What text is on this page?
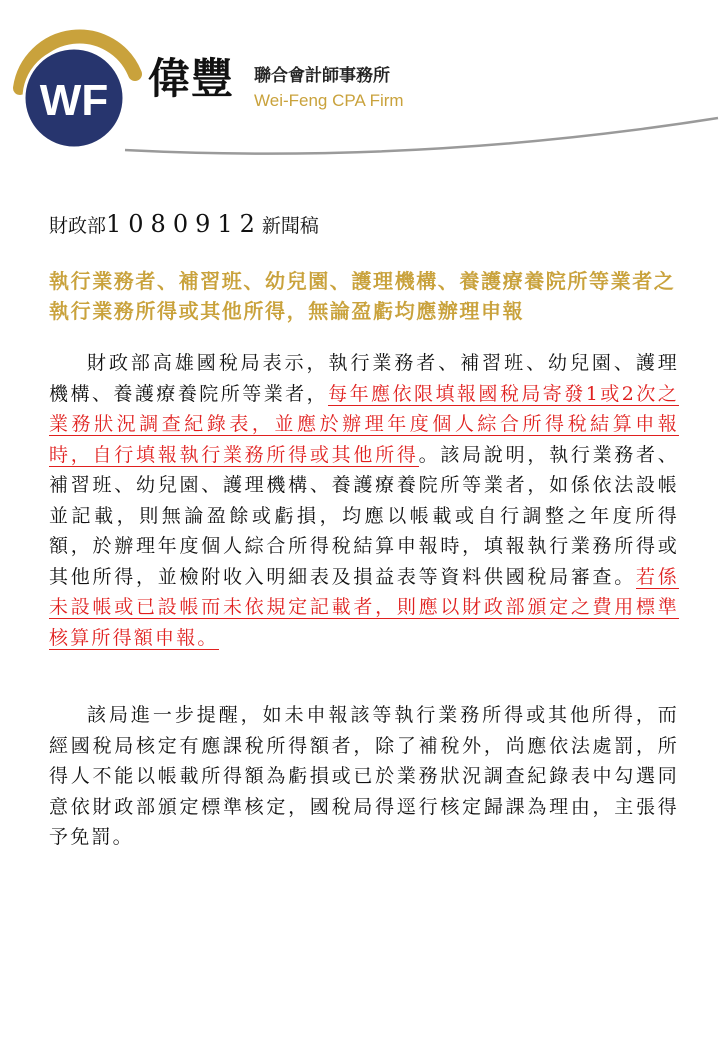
WF 偉豐 聯合會計師事務所
Wei-Feng CPA Firm
財政部1080912新聞稿
執行業務者、補習班、幼兒園、護理機構、養護療養院所等業者之執行業務所得或其他所得，無論盈虧均應辦理申報

財政部高雄國稅局表示，執行業務者、補習班、幼兒園、護理機構、養護療養院所等業者，每年應依限填報國稅局寄發1或2次之業務狀況調查紀錄表，並應於辦理年度個人綜合所得稅結算申報時，自行填報執行業務所得或其他所得。該局說明，執行業務者、補習班、幼兒園、護理機構、養護療養院所等業者，如係依法設帳並記載，則無論盈餘或虧損，均應以帳載或自行調整之年度所得額，於辦理年度個人綜合所得稅結算申報時，填報執行業務所得或其他所得，並檢附收入明細表及損益表等資料供國稅局審查。若係未設帳或已設帳而未依規定記載者，則應以財政部頒定之費用標準核算所得額申報。

該局進一步提醒，如未申報該等執行業務所得或其他所得，而經國稅局核定有應課稅所得額者，除了補稅外，尚應依法處罰，所得人不能以帳載所得額為虧損或已於業務狀況調查紀錄表中勾選同意依財政部頒定標準核定，國稅局得逕行核定歸課為理由，主張得予免罰。
